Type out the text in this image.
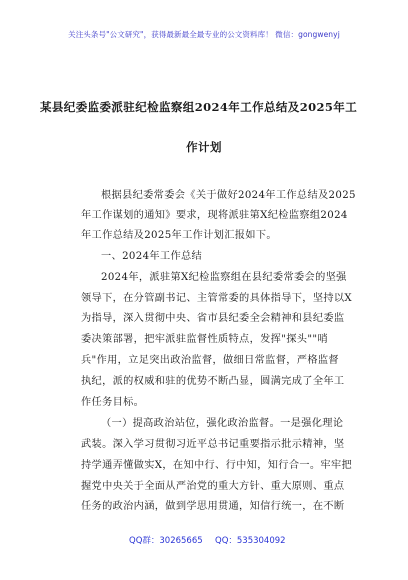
关注头条号"公文研究"，获得最新最全最专业的公文资料库！ 微信：gongwenyj
某县纪委监委派驻纪检监察组2024年工作总结及2025年工
作计划
根据县纪委常委会《关于做好2024年工作总结及2025
年工作谋划的通知》要求，现将派驻第X纪检监察组2024
年工作总结及2025年工作计划汇报如下。
一、2024年工作总结
2024年，派驻第X纪检监察组在县纪委常委会的坚强
领导下，在分管副书记、主管常委的具体指导下，坚持以X
为指导，深入贯彻中央、省市县纪委全会精神和县纪委监
委决策部署，把牢派驻监督性质特点，发挥"探头""哨
兵"作用，立足突出政治监督，做细日常监督，严格监督
执纪，派的权威和驻的优势不断凸显，圆满完成了全年工
作任务目标。
（一）提高政治站位，强化政治监督。一是强化理论
武装。深入学习贯彻习近平总书记重要指示批示精神，坚
持学通弄懂做实X，在知中行、行中知，知行合一。牢牢把
握党中央关于全面从严治党的重大方针、重大原则、重点
任务的政治内涵，做到学思用贯通，知信行统一，在不断
QQ群：30265665 QQ：535304092
